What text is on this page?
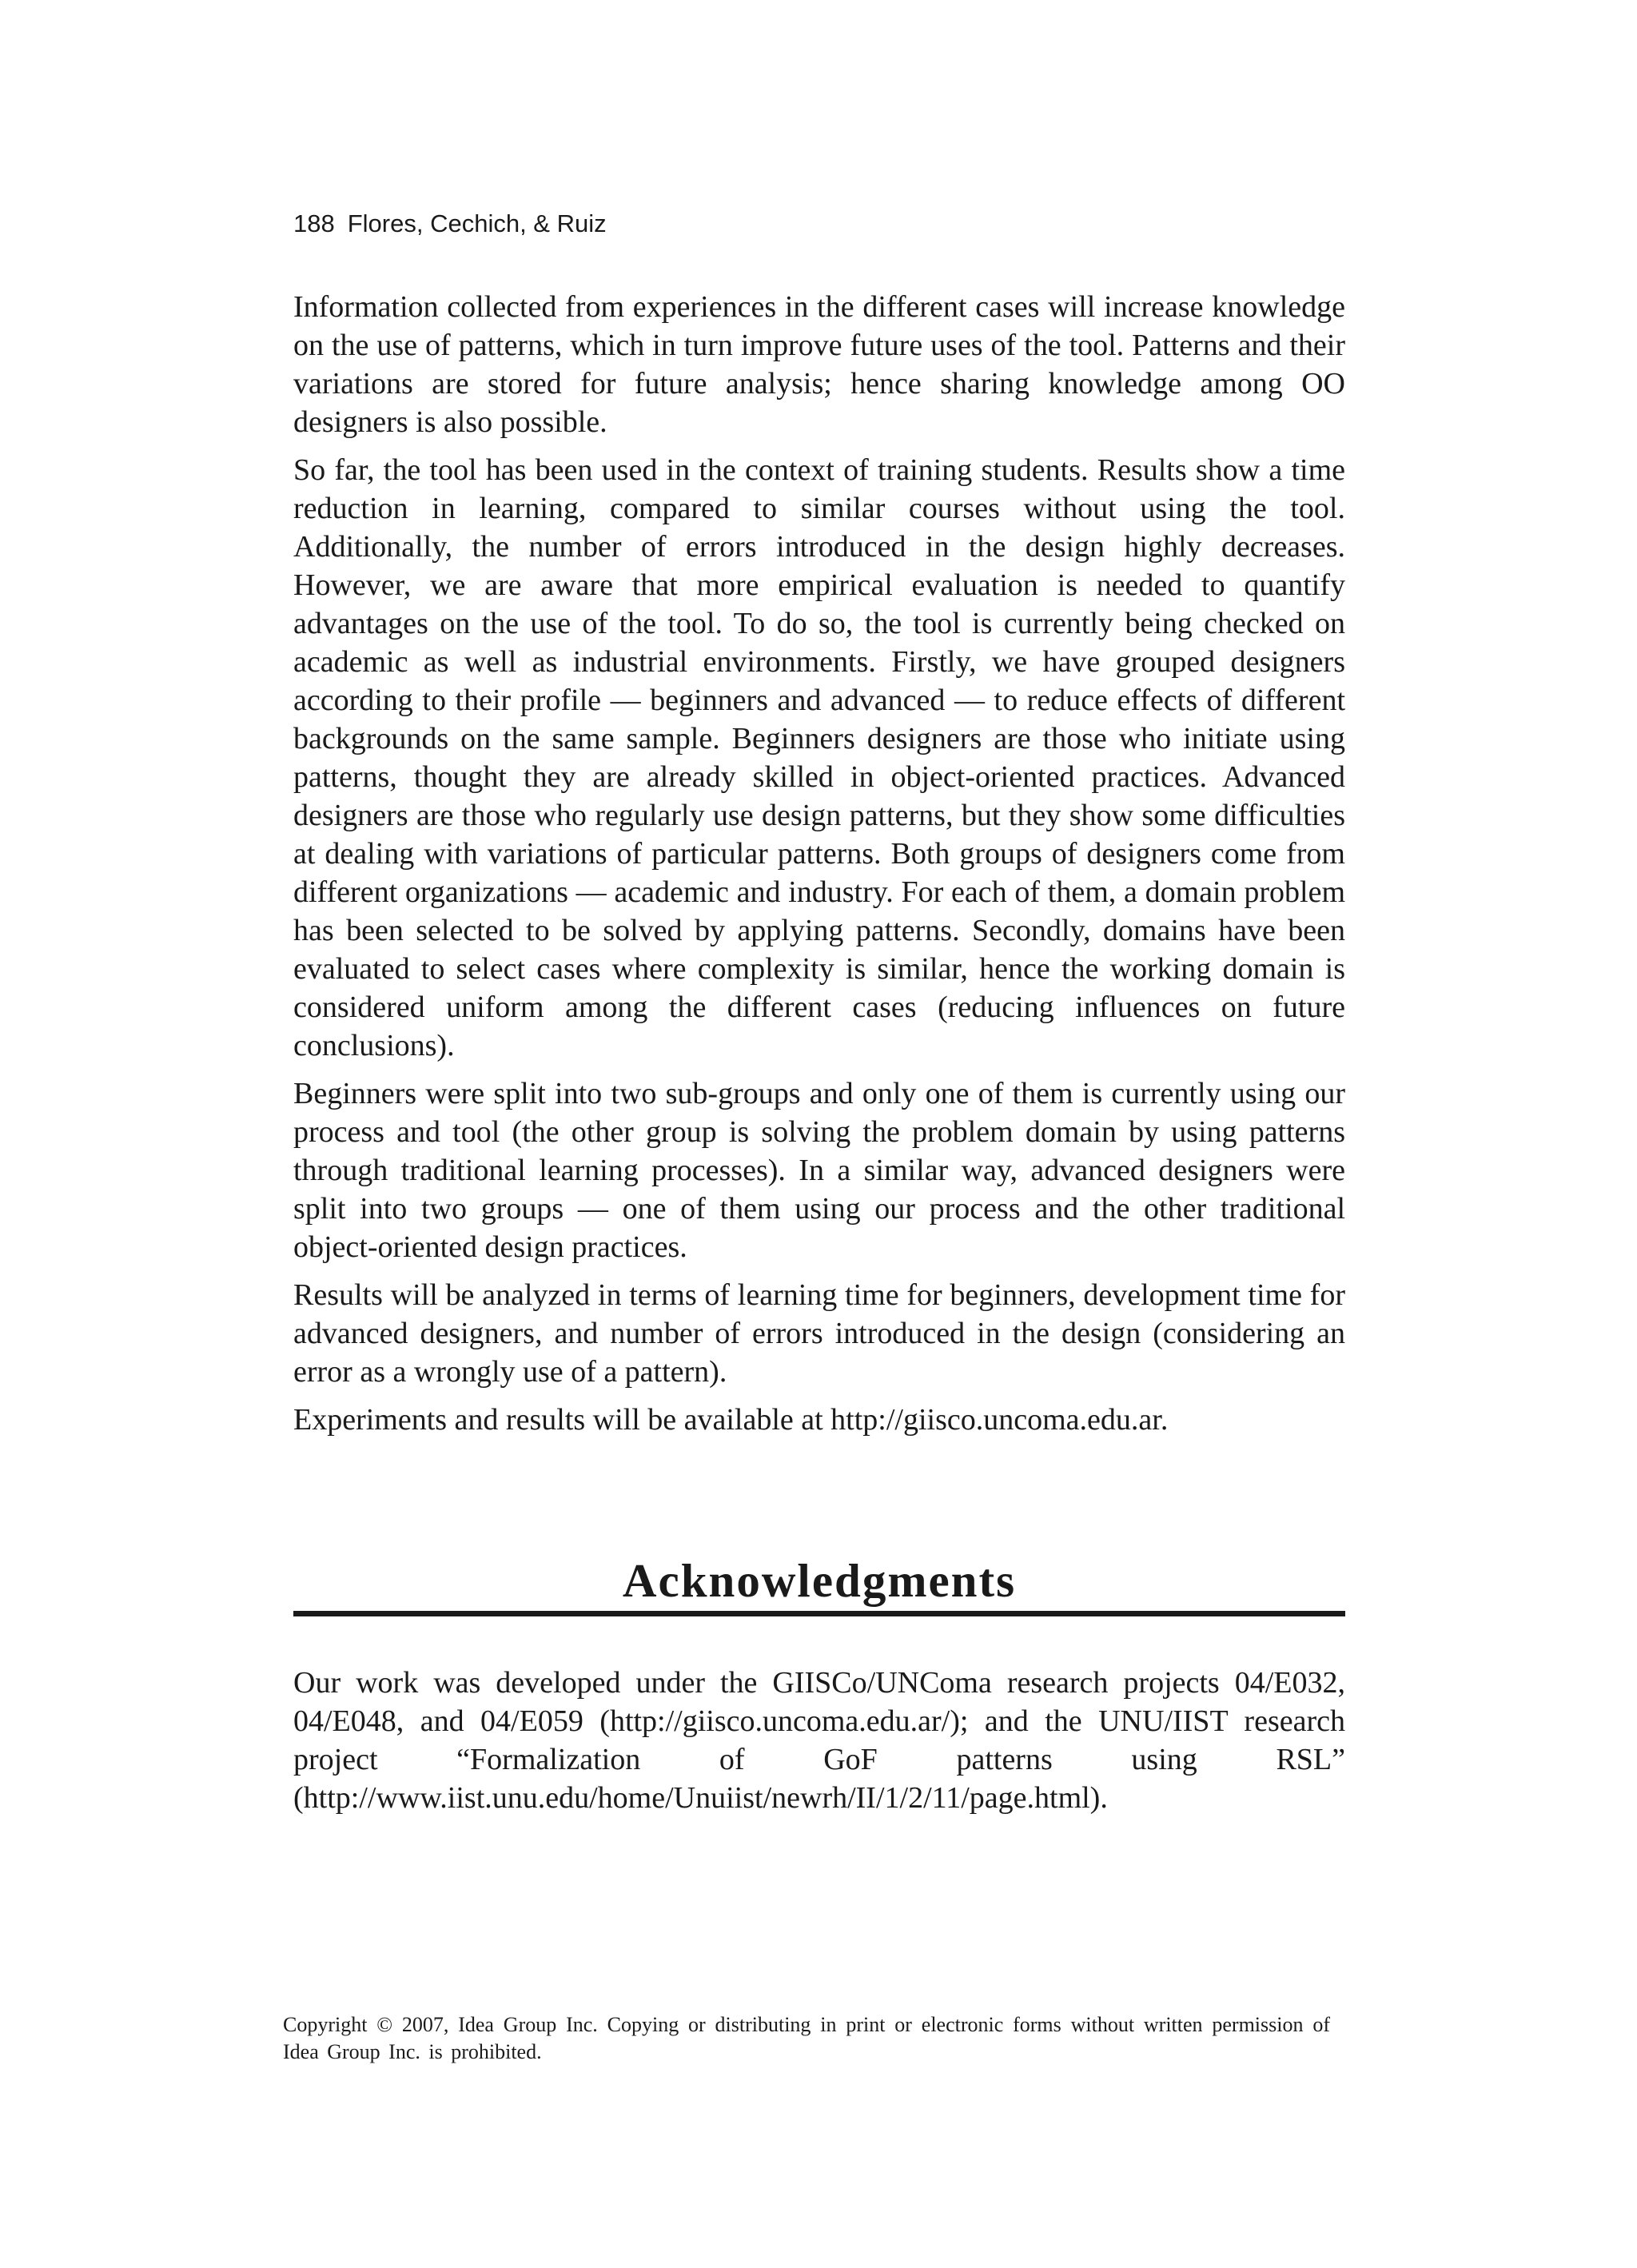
188 Flores, Cechich, & Ruiz

Information collected from experiences in the different cases will increase knowledge on the use of patterns, which in turn improve future uses of the tool. Patterns and their variations are stored for future analysis; hence sharing knowledge among OO designers is also possible.

So far, the tool has been used in the context of training students. Results show a time reduction in learning, compared to similar courses without using the tool. Additionally, the number of errors introduced in the design highly decreases. However, we are aware that more empirical evaluation is needed to quantify advantages on the use of the tool. To do so, the tool is currently being checked on academic as well as industrial environments. Firstly, we have grouped designers according to their profile — beginners and advanced — to reduce effects of different backgrounds on the same sample. Beginners designers are those who initiate using patterns, thought they are already skilled in object-oriented practices. Advanced designers are those who regularly use design patterns, but they show some difficulties at dealing with variations of particular patterns. Both groups of designers come from different organizations — academic and industry. For each of them, a domain problem has been selected to be solved by applying patterns. Secondly, domains have been evaluated to select cases where complexity is similar, hence the working domain is considered uniform among the different cases (reducing influences on future conclusions).

Beginners were split into two sub-groups and only one of them is currently using our process and tool (the other group is solving the problem domain by using patterns through traditional learning processes). In a similar way, advanced designers were split into two groups — one of them using our process and the other traditional object-oriented design practices.

Results will be analyzed in terms of learning time for beginners, development time for advanced designers, and number of errors introduced in the design (considering an error as a wrongly use of a pattern).

Experiments and results will be available at http://giisco.uncoma.edu.ar.

Acknowledgments

Our work was developed under the GIISCo/UNComa research projects 04/E032, 04/E048, and 04/E059 (http://giisco.uncoma.edu.ar/); and the UNU/IIST research project “Formalization of GoF patterns using RSL” (http://www.iist.unu.edu/home/Unuiist/newrh/II/1/2/11/page.html).

Copyright © 2007, Idea Group Inc. Copying or distributing in print or electronic forms without written permission of Idea Group Inc. is prohibited.
